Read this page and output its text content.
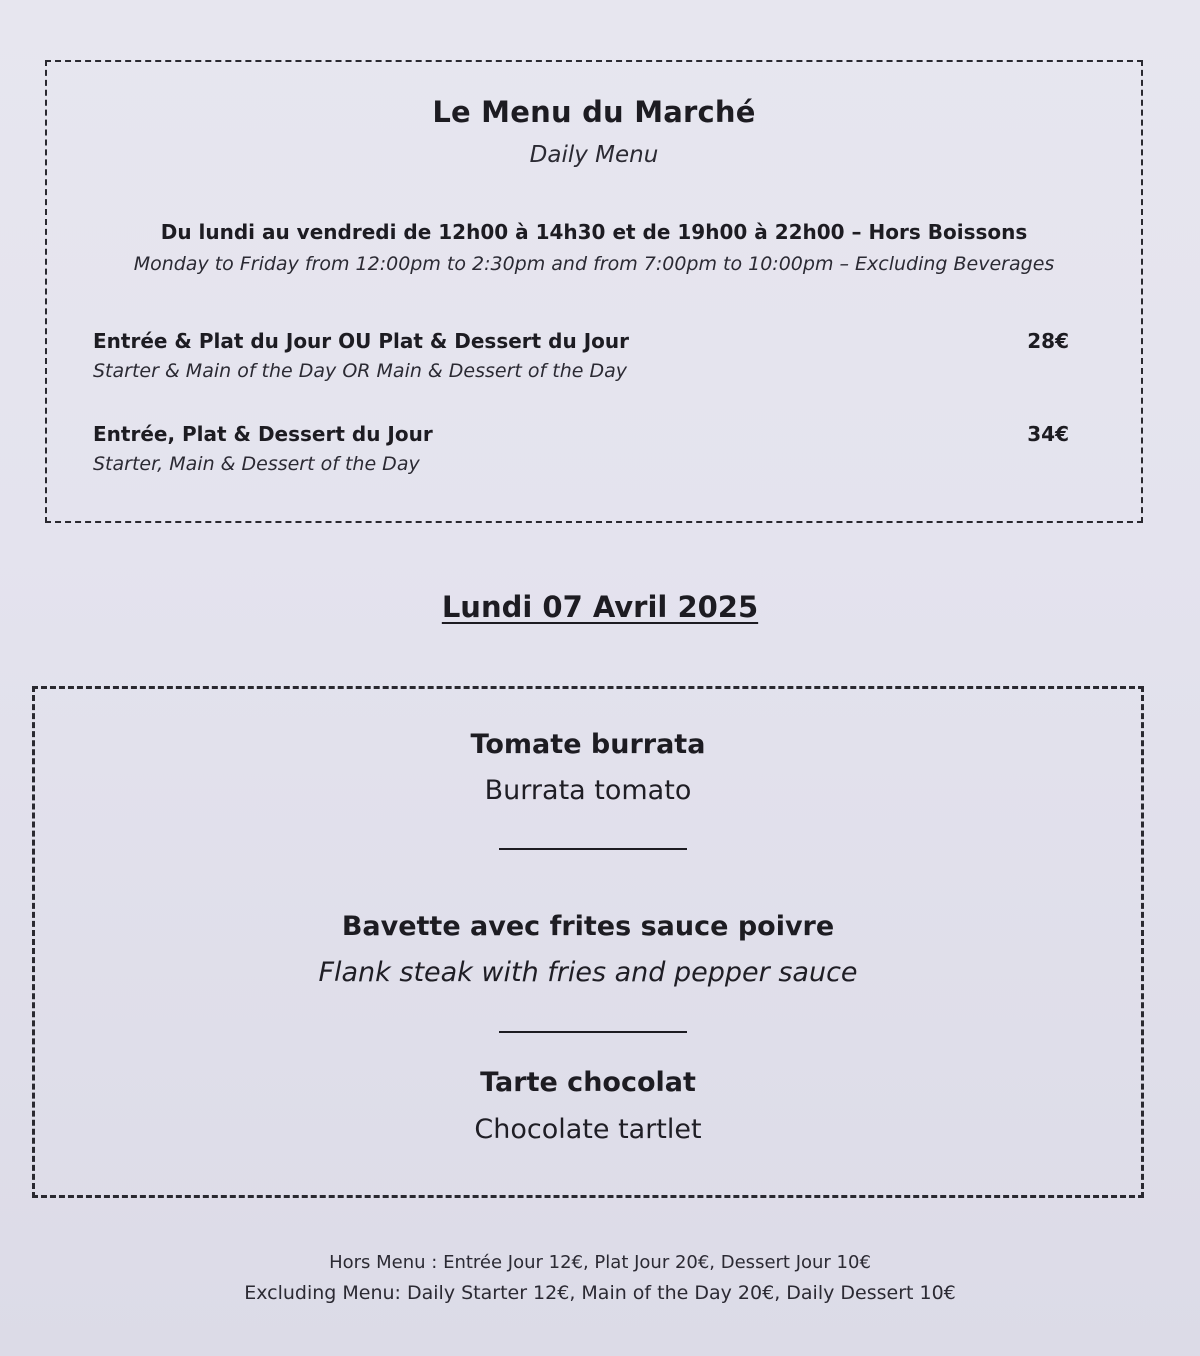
Le Menu du Marché
Daily Menu
Du lundi au vendredi de 12h00 à 14h30 et de 19h00 à 22h00 – Hors Boissons
Monday to Friday from 12:00pm to 2:30pm and from 7:00pm to 10:00pm – Excluding Beverages
Entrée & Plat du Jour OU Plat & Dessert du Jour
Starter & Main of the Day OR Main & Dessert of the Day
28€
Entrée, Plat & Dessert du Jour
Starter, Main & Dessert of the Day
34€
Lundi 07 Avril 2025
Tomate burrata
Burrata tomato
Bavette avec frites sauce poivre
Flank steak with fries and pepper sauce
Tarte chocolat
Chocolate tartlet
Hors Menu : Entrée Jour 12€, Plat Jour 20€, Dessert Jour 10€
Excluding Menu: Daily Starter 12€, Main of the Day 20€, Daily Dessert 10€
